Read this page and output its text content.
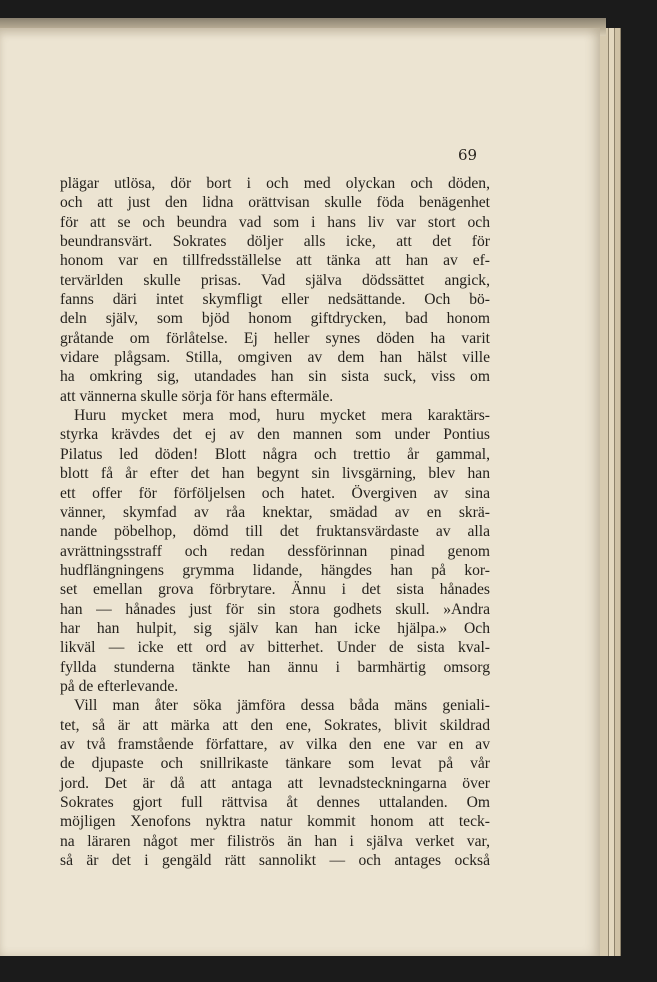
69
plägar utlösa, dör bort i och med olyckan och döden,
och att just den lidna orättvisan skulle föda benägenhet
för att se och beundra vad som i hans liv var stort och
beundransvärt. Sokrates döljer alls icke, att det för
honom var en tillfredsställelse att tänka att han av ef-
tervärlden skulle prisas. Vad själva dödssättet angick,
fanns däri intet skymfligt eller nedsättande. Och bö-
deln själv, som bjöd honom giftdrycken, bad honom
gråtande om förlåtelse. Ej heller synes döden ha varit
vidare plågsam. Stilla, omgiven av dem han hälst ville
ha omkring sig, utandades han sin sista suck, viss om
att vännerna skulle sörja för hans eftermäle.
Huru mycket mera mod, huru mycket mera karaktärs-
styrka krävdes det ej av den mannen som under Pontius
Pilatus led döden! Blott några och trettio år gammal,
blott få år efter det han begynt sin livsgärning, blev han
ett offer för förföljelsen och hatet. Övergiven av sina
vänner, skymfad av råa knektar, smädad av en skrä-
nande pöbelhop, dömd till det fruktansvärdaste av alla
avrättningsstraff och redan dessförinnan pinad genom
hudflängningens grymma lidande, hängdes han på kor-
set emellan grova förbrytare. Ännu i det sista hånades
han — hånades just för sin stora godhets skull. »Andra
har han hulpit, sig själv kan han icke hjälpa.» Och
likväl — icke ett ord av bitterhet. Under de sista kval-
fyllda stunderna tänkte han ännu i barmhärtig omsorg
på de efterlevande.
Vill man åter söka jämföra dessa båda mäns geniali-
tet, så är att märka att den ene, Sokrates, blivit skildrad
av två framstående författare, av vilka den ene var en av
de djupaste och snillrikaste tänkare som levat på vår
jord. Det är då att antaga att levnadsteckningarna över
Sokrates gjort full rättvisa åt dennes uttalanden. Om
möjligen Xenofons nyktra natur kommit honom att teck-
na läraren något mer filiströs än han i själva verket var,
så är det i gengäld rätt sannolikt — och antages också
